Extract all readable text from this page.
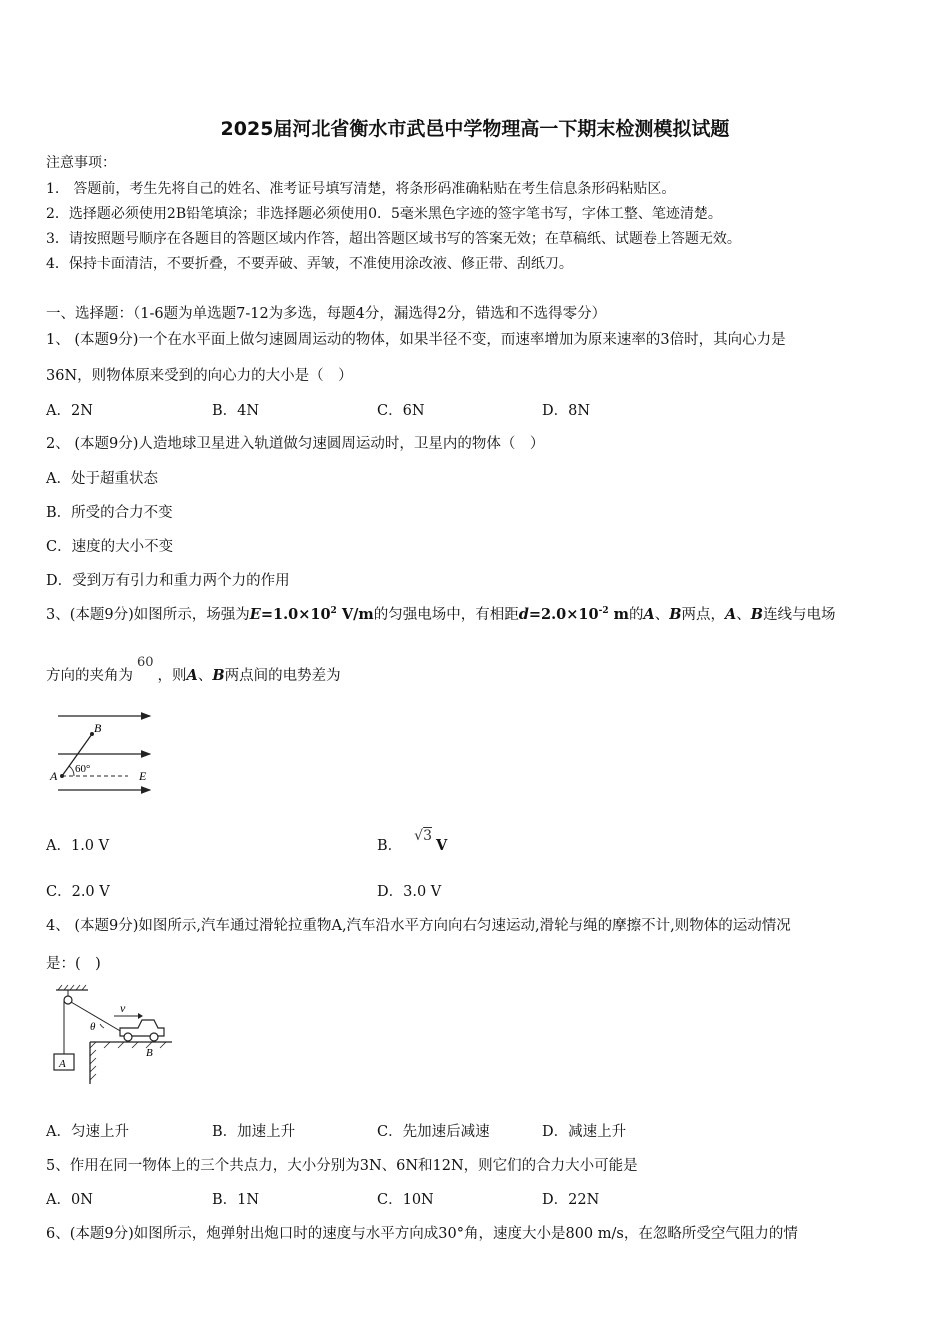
2025届河北省衡水市武邑中学物理高一下期末检测模拟试题
注意事项：
1.　答题前，考生先将自己的姓名、准考证号填写清楚，将条形码准确粘贴在考生信息条形码粘贴区。
2．选择题必须使用2B铅笔填涂；非选择题必须使用0．5毫米黑色字迹的签字笔书写，字体工整、笔迹清楚。
3．请按照题号顺序在各题目的答题区域内作答，超出答题区域书写的答案无效；在草稿纸、试题卷上答题无效。
4．保持卡面清洁，不要折叠，不要弄破、弄皱，不准使用涂改液、修正带、刮纸刀。
一、选择题：（1-6题为单选题7-12为多选，每题4分，漏选得2分，错选和不选得零分）
1、 (本题9分)一个在水平面上做匀速圆周运动的物体，如果半径不变，而速率增加为原来速率的3倍时，其向心力是
36N，则物体原来受到的向心力的大小是（　）
A．2N	B．4N	C．6N	D．8N
2、 (本题9分)人造地球卫星进入轨道做匀速圆周运动时，卫星内的物体（　）
A．处于超重状态
B．所受的合力不变
C．速度的大小不变
D．受到万有引力和重力两个力的作用
3、(本题9分)如图所示，场强为$E=1.0\times 10^2$ V/m的匀强电场中，有相距$d=2.0\times 10^{-2}$ m的A、B两点，A、B连线与电场
方向的夹角为60，则A、B两点间的电势差为
B
A	E
60°
A．1.0 V	B．√3V
C．2.0 V	D．3.0 V
4、 (本题9分)如图所示,汽车通过滑轮拉重物A,汽车沿水平方向向右匀速运动,滑轮与绳的摩擦不计,则物体的运动情况
是：(　)
A
v
θ
B
A．匀速上升	B．加速上升	C．先加速后减速	D．减速上升
5、作用在同一物体上的三个共点力，大小分别为3N、6N和12N，则它们的合力大小可能是
A．0N	B．1N	C．10N	D．22N
6、(本题9分)如图所示，炮弹射出炮口时的速度与水平方向成30°角，速度大小是800 m/s，在忽略所受空气阻力的情
